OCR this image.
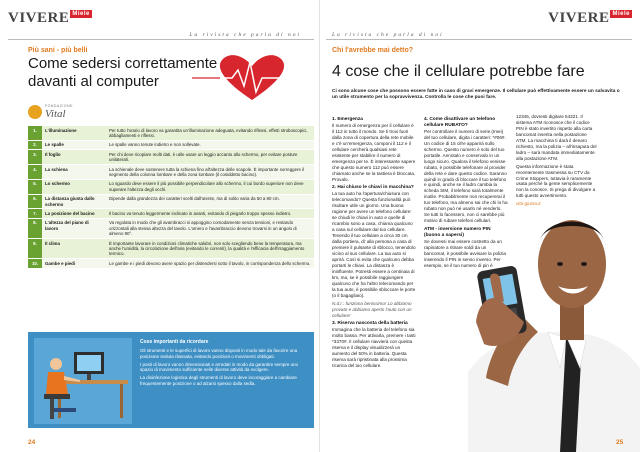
VIVERE Miele
La rivista che parla di noi
Più sani - più belli
Come sedersi correttamente
davanti al computer
FONDAZIONE
Vital
1.	L'illuminazione	Per tutto l'orario di lavoro va garantita un'illuminazione adeguata, evitando riflessi, effetti stroboscopici, abbagliamenti e riflessi.
2.	Le spalle	Le spalle vanno tenute indietro e non sollevate.
3.	Il foglio	Per chi deve ricopiare molti dati, è utile usare un leggio accanto allo schermo, per evitare posture unilaterali.
4.	La schiena	La schienale deve sostenere tutta la schiena fino all'altezza delle scapole. È importante sorreggere il segmento della colonna lombare e della zona lombare (il cosiddetto bacino).
5.	Lo schermo	Lo sguardo deve essere il più possibile perpendicolare allo schermo, il cui bordo superiore non deve superare l'altezza degli occhi.
6.	La distanza giusta dallo schermo	Dipende dalla grandezza dei caratteri scelti dall'utente, ma di solito varia da 50 a 80 cm.
7.	La posizione del bacino	Il bacino va tenuto leggermente inclinato in avanti, evitando di piegarlo troppo spesso indietro.
8.	L'altezza del piano di lavoro	Va regolata in modo che gli avambracci si appoggino comodamente senza tensioni, e restando orizzontali alla stessa altezza del tavolo. L'omero e l'avambraccio devono trovarsi in un angolo di almeno 90°.
9.	Il clima	È importante lavorare in condizioni climatiche salubri, non solo scegliendo bene la temperatura, ma anche l'umidità, la circolazione dell'aria (evitando le correnti), la qualità e l'efficacia dell'irraggiamento termico.
10.	Gambe e piedi	Le gambe e i piedi devono avere spazio per distendersi sotto il tavolo, in corrispondenza dello schermo.
Cose importanti da ricordare

Gli strumenti e le superfici di lavoro vanno disposti in modo tale da favorire una posizione seduta rilassata, evitando posizioni o movimenti obbligati.

I posti di lavoro vanno dimensionati e arredati in modo da garantire sempre uno spazio di movimento sufficiente nelle diverse attività da svolgere.

La disinfezione logistica degli strumenti di lavoro deve incoraggiare a cambiare frequentemente posizione o ad alzarsi spesso dalla sedia.

24
VIVERE Miele
La rivista che parla di noi
Chi l'avrebbe mai detto?
4 cose che il cellulare potrebbe fare
Ci sono alcune cose che possono essere fatte in caso di gravi emergenze. Il cellulare può effettivamente essere un salvavita o un utile strumento per la sopravvivenza. Controlla le cose che puoi fare.
1. Emergenza

Il numero di emergenza per il cellulare è il 112 in tutto il mondo. Se ti trovi fuori dalla zona di copertura della rete mobile e c'è un'emergenza, componi il 112 e il cellulare cercherà qualsiasi rete esistente per stabilire il numero di emergenza per te. È interessante sapere che questo numero 112 può essere chiamato anche se la tastiera è bloccata. Provalo.

2. Hai chiuso le chiavi in macchina?

La tua auto ha l'apertura/chiusura con telecomando? Questa funzionalità può risultare utile un giorno. Una buona ragione per avere un telefono cellulare: se chiudi le chiavi in auto e quelle di ricambio sono a casa, chiama qualcuno a casa sul cellulare dal tuo cellulare. Tenendo il tuo cellulare a circa 30 cm dalla portiera, di' alla persona a casa di premere il pulsante di sblocco, tenendolo vicino al suo cellulare. La tua auto si aprirà. Così si evita che qualcuno debba portarti le chiavi. La distanza è ininfluente. Potresti essere a centinaia di km, ma, se è possibile raggiungere qualcuno che ha l'altro telecomando per la tua auto, è possibile sbloccare le porte (o il bagagliaio).

N.d.r.: funziona benissimo! Lo abbiamo provato e abbiamo aperto l'auto con un cellulare!

3. Riserva nascosta della batteria

Immagina che la batteria del telefono sia molto bassa. Per attivarla, premere i tasti *3370#. Il cellulare riavvierà con questa riserva e il display visualizzerà un aumento del 50% in batteria. Questa riserva sarà ripristinata alla prossima ricarica del tuo cellulare.

4. Come disattivare un telefono cellulare RUBATO?

Per controllare il numero di serie (Imei) del tuo cellulare, digita i caratteri: *#06#. Un codice di 15 cifre apparirà sullo schermo. Questo numero è solo del tuo portatile. Annotalo e conservalo in un luogo sicuro. Qualora il telefono venisse rubato, è possibile telefonare al provider della rete e dare questo codice. Saranno quindi in grado di bloccare il tuo telefono e quindi, anche se il ladro cambia la scheda SIM, il telefono sarà totalmente inutile. Probabilmente non recupererai il tuo telefono, ma almeno sai che chi lo ha rubato non può né usarlo né venderlo. Se tutti lo facessero, non ci sarebbe più motivo di rubare telefoni cellulari.

ATM - inversione numero PIN (buono a sapersi)

Se dovessi mai essere costretto da un rapinatore a ritirare soldi da un bancomat, è possibile avvisare la polizia inserendo il PIN in senso inverso. Per esempio, se il tuo numero di pin è

12345, dovresti digitare 54321. Il sistema ATM riconosce che il codice PIN è stato invertito rispetto alla carta bancomat inserita nella postazione ATM. La macchina ti darà il denaro richiesto, ma la polizia – all'insaputa del ladro – sarà mandata immediatamente alla postazione ATM.

Questa informazione è stata recentemente trasmessa su CTV da Crime Stoppers, tuttavia è raramente usata perché la gente semplicemente non la conosce. Si prega di divulgare a tutti questo avvertimento.

vita-giusta.it

25
